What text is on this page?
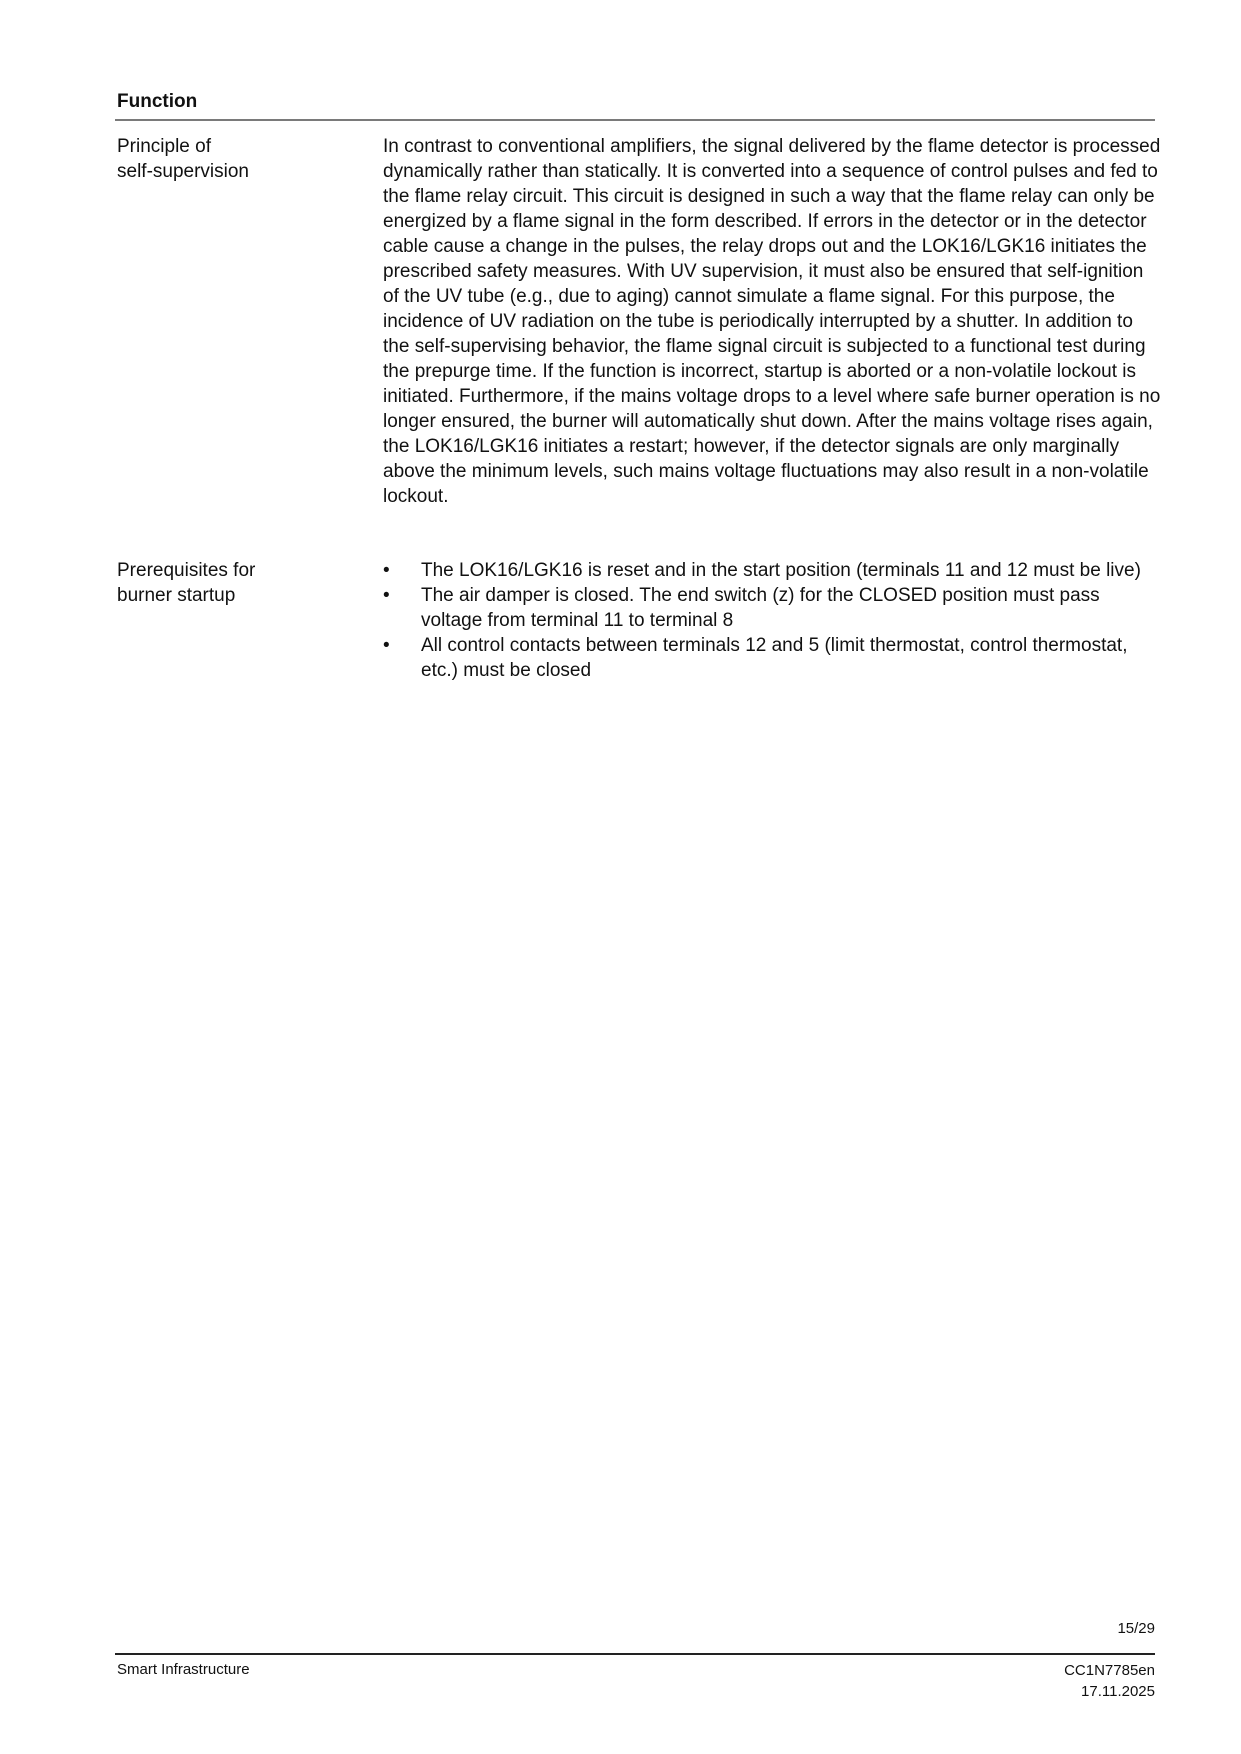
Function
Principle of
self-supervision

In contrast to conventional amplifiers, the signal delivered by the flame detector is processed dynamically rather than statically. It is converted into a sequence of control pulses and fed to the flame relay circuit. This circuit is designed in such a way that the flame relay can only be energized by a flame signal in the form described. If errors in the detector or in the detector cable cause a change in the pulses, the relay drops out and the LOK16/LGK16 initiates the prescribed safety measures. With UV supervision, it must also be ensured that self-ignition of the UV tube (e.g., due to aging) cannot simulate a flame signal. For this purpose, the incidence of UV radiation on the tube is periodically interrupted by a shutter. In addition to the self-supervising behavior, the flame signal circuit is subjected to a functional test during the prepurge time. If the function is incorrect, startup is aborted or a non-volatile lockout is initiated. Furthermore, if the mains voltage drops to a level where safe burner operation is no longer ensured, the burner will automatically shut down. After the mains voltage rises again, the LOK16/LGK16 initiates a restart; however, if the detector signals are only marginally above the minimum levels, such mains voltage fluctuations may also result in a non-volatile lockout.

Prerequisites for
burner startup
•	The LOK16/LGK16 is reset and in the start position (terminals 11 and 12 must be live)
•	The air damper is closed. The end switch (z) for the CLOSED position must pass voltage from terminal 11 to terminal 8
•	All control contacts between terminals 12 and 5 (limit thermostat, control thermostat, etc.) must be closed
15/29
Smart Infrastructure	CC1N7785en
17.11.2025
